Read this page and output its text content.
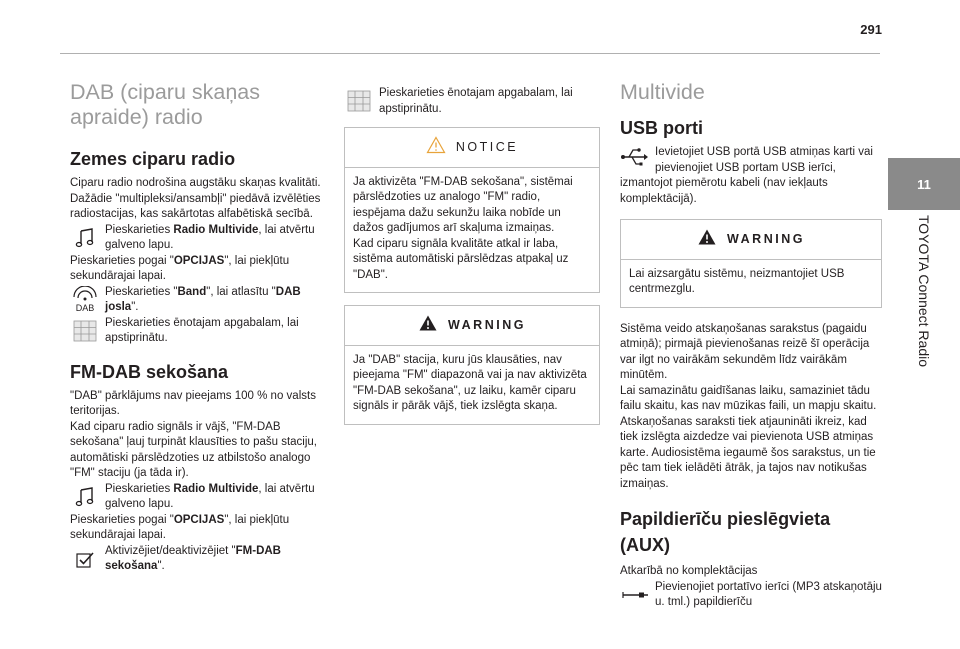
291
11
TOYOTA Connect Radio
DAB (ciparu skaņas apraide) radio
Zemes ciparu radio

Ciparu radio nodrošina augstāku skaņas kvalitāti.
Dažādie "multipleksi/ansambļi" piedāvā izvēlēties radiostacijas, kas sakārtotas alfabētiskā secībā.

Pieskarieties Radio Multivide, lai atvērtu galveno lapu.

Pieskarieties pogai "OPCIJAS", lai piekļūtu sekundārajai lapai.

DAB
Pieskarieties "Band", lai atlasītu "DAB josla".
Pieskarieties ēnotajam apgabalam, lai apstiprinātu.
FM-DAB sekošana

"DAB" pārklājums nav pieejams 100 % no valsts teritorijas.
Kad ciparu radio signāls ir vājš, "FM-DAB sekošana" ļauj turpināt klausīties to pašu staciju, automātiski pārslēdzoties uz atbilstošo analogo "FM" staciju (ja tāda ir).

Pieskarieties Radio Multivide, lai atvērtu galveno lapu.

Pieskarieties pogai "OPCIJAS", lai piekļūtu sekundārajai lapai.

Aktivizējiet/deaktivizējiet "FM-DAB sekošana".
Pieskarieties ēnotajam apgabalam, lai apstiprinātu.
NOTICE
Ja aktivizēta "FM-DAB sekošana", sistēmai pārslēdzoties uz analogo "FM" radio, iespējama dažu sekunžu laika nobīde un dažos gadījumos arī skaļuma izmaiņas.
Kad ciparu signāla kvalitāte atkal ir laba, sistēma automātiski pārslēdzas atpakaļ uz "DAB".
WARNING
Ja "DAB" stacija, kuru jūs klausāties, nav pieejama "FM" diapazonā vai ja nav aktivizēta "FM-DAB sekošana", uz laiku, kamēr ciparu signāls ir pārāk vājš, tiek izslēgta skaņa.
Multivide
USB porti
Ievietojiet USB portā USB atmiņas karti vai pievienojiet USB portam USB ierīci, izmantojot piemērotu kabeli (nav iekļauts komplektācijā).
WARNING
Lai aizsargātu sistēmu, neizmantojiet USB centrmezglu.

Sistēma veido atskaņošanas sarakstus (pagaidu atmiņā); pirmajā pievienošanas reizē šī operācija var ilgt no vairākām sekundēm līdz vairākām minūtēm.
Lai samazinātu gaidīšanas laiku, samaziniet tādu failu skaitu, kas nav mūzikas faili, un mapju skaitu.
Atskaņošanas saraksti tiek atjaunināti ikreiz, kad tiek izslēgta aizdedze vai pievienota USB atmiņas karte. Audiosistēma iegaumē šos sarakstus, un tie pēc tam tiek ielādēti ātrāk, ja tajos nav notikušas izmaiņas.

Papildierīču pieslēgvieta (AUX)

Atkarībā no komplektācijas

Pievienojiet portatīvo ierīci (MP3 atskaņotāju u. tml.) papildierīču
